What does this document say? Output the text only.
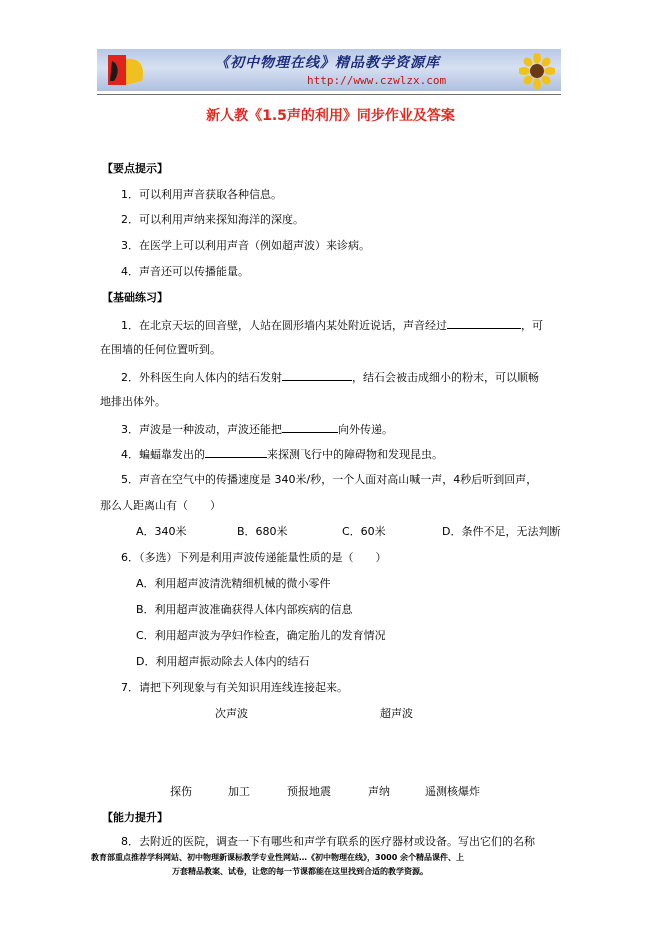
《初中物理在线》精品教学资源库
http://www.czwlzx.com
新人教《1.5声的利用》同步作业及答案
【要点提示】
1．可以利用声音获取各种信息。
2．可以利用声纳来探知海洋的深度。
3．在医学上可以利用声音（例如超声波）来诊病。
4．声音还可以传播能量。
【基础练习】
1．在北京天坛的回音壁，人站在圆形墙内某处附近说话，声音经过	，可
在围墙的任何位置听到。
2．外科医生向人体内的结石发射	，结石会被击成细小的粉末，可以顺畅
地排出体外。
3．声波是一种波动，声波还能把	向外传递。
4．蝙蝠靠发出的	来探测飞行中的障碍物和发现昆虫。
5．声音在空气中的传播速度是 340米/秒，一个人面对高山喊一声，4秒后听到回声，
那么人距离山有（　　）
A．340米	B．680米	C．60米	D．条件不足，无法判断
6．（多选）下列是利用声波传递能量性质的是（　　）
A．利用超声波清洗精细机械的微小零件
B．利用超声波准确获得人体内部疾病的信息
C．利用超声波为孕妇作检查，确定胎儿的发育情况
D．利用超声振动除去人体内的结石
7．请把下列现象与有关知识用连线连接起来。
次声波	超声波
探伤	加工	预报地震	声纳	遥测核爆炸
【能力提升】
8．去附近的医院，调查一下有哪些和声学有联系的医疗器材或设备。写出它们的名称
教育部重点推荐学科网站、初中物理新课标教学专业性网站…《初中物理在线》，3000 余个精品课件、上
万套精品教案、试卷，让您的每一节课都能在这里找到合适的教学资源。
